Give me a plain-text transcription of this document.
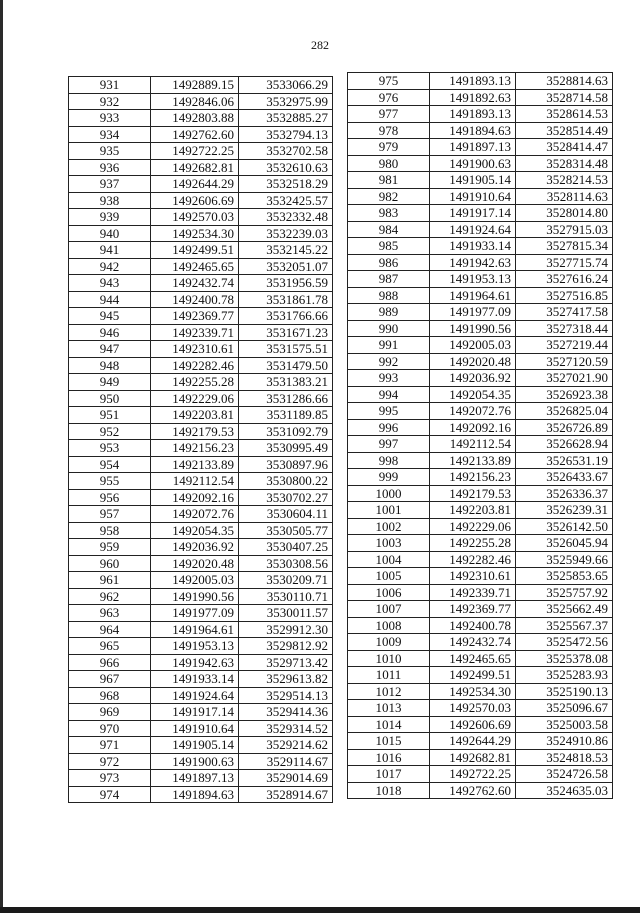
282
931	1492889.15	3533066.29
932	1492846.06	3532975.99
933	1492803.88	3532885.27
934	1492762.60	3532794.13
935	1492722.25	3532702.58
936	1492682.81	3532610.63
937	1492644.29	3532518.29
938	1492606.69	3532425.57
939	1492570.03	3532332.48
940	1492534.30	3532239.03
941	1492499.51	3532145.22
942	1492465.65	3532051.07
943	1492432.74	3531956.59
944	1492400.78	3531861.78
945	1492369.77	3531766.66
946	1492339.71	3531671.23
947	1492310.61	3531575.51
948	1492282.46	3531479.50
949	1492255.28	3531383.21
950	1492229.06	3531286.66
951	1492203.81	3531189.85
952	1492179.53	3531092.79
953	1492156.23	3530995.49
954	1492133.89	3530897.96
955	1492112.54	3530800.22
956	1492092.16	3530702.27
957	1492072.76	3530604.11
958	1492054.35	3530505.77
959	1492036.92	3530407.25
960	1492020.48	3530308.56
961	1492005.03	3530209.71
962	1491990.56	3530110.71
963	1491977.09	3530011.57
964	1491964.61	3529912.30
965	1491953.13	3529812.92
966	1491942.63	3529713.42
967	1491933.14	3529613.82
968	1491924.64	3529514.13
969	1491917.14	3529414.36
970	1491910.64	3529314.52
971	1491905.14	3529214.62
972	1491900.63	3529114.67
973	1491897.13	3529014.69
974	1491894.63	3528914.67
975	1491893.13	3528814.63
976	1491892.63	3528714.58
977	1491893.13	3528614.53
978	1491894.63	3528514.49
979	1491897.13	3528414.47
980	1491900.63	3528314.48
981	1491905.14	3528214.53
982	1491910.64	3528114.63
983	1491917.14	3528014.80
984	1491924.64	3527915.03
985	1491933.14	3527815.34
986	1491942.63	3527715.74
987	1491953.13	3527616.24
988	1491964.61	3527516.85
989	1491977.09	3527417.58
990	1491990.56	3527318.44
991	1492005.03	3527219.44
992	1492020.48	3527120.59
993	1492036.92	3527021.90
994	1492054.35	3526923.38
995	1492072.76	3526825.04
996	1492092.16	3526726.89
997	1492112.54	3526628.94
998	1492133.89	3526531.19
999	1492156.23	3526433.67
1000	1492179.53	3526336.37
1001	1492203.81	3526239.31
1002	1492229.06	3526142.50
1003	1492255.28	3526045.94
1004	1492282.46	3525949.66
1005	1492310.61	3525853.65
1006	1492339.71	3525757.92
1007	1492369.77	3525662.49
1008	1492400.78	3525567.37
1009	1492432.74	3525472.56
1010	1492465.65	3525378.08
1011	1492499.51	3525283.93
1012	1492534.30	3525190.13
1013	1492570.03	3525096.67
1014	1492606.69	3525003.58
1015	1492644.29	3524910.86
1016	1492682.81	3524818.53
1017	1492722.25	3524726.58
1018	1492762.60	3524635.03
